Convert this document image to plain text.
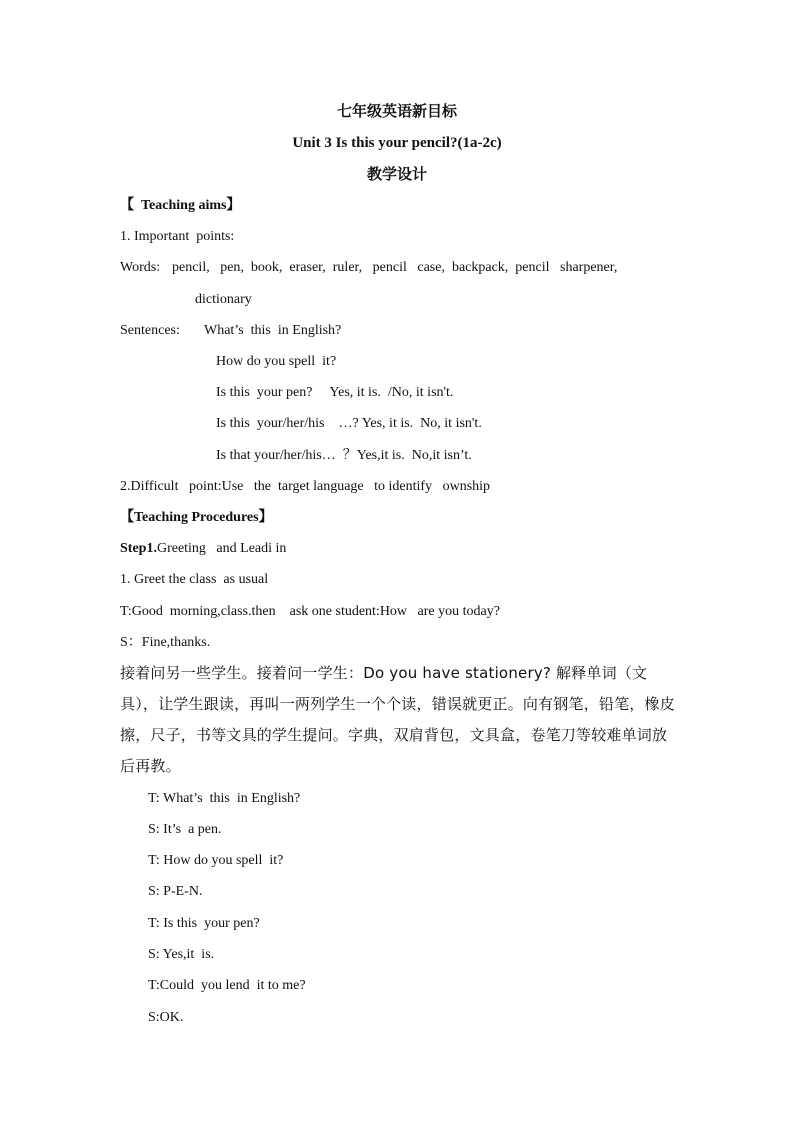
七年级英语新目标
Unit 3 Is this your pencil?(1a-2c)
教学设计
【  Teaching aims】
1. Important  points:
Words: pencil,   pen,  book,  eraser,  ruler,   pencil   case,  backpack,  pencil   sharpener,
dictionary
Sentences: What’s  this  in English?
How do you spell  it?
Is this  your pen?     Yes, it is.  /No, it isn't.
Is this  your/her/his    …? Yes, it is.  No, it isn't.
Is that your/her/his…  ？Yes,it is.  No,it isn’t.
2.Difficult   point:Use   the  target language   to identify   ownship
【Teaching Procedures】
Step1.Greeting   and Leadi in
1. Greet the class  as usual
T:Good  morning,class.then    ask one student:How   are you today?
S：Fine,thanks.
接着问另一些学生。接着问一学生：Do you have stationery? 解释单词（文具），让学生跟读，再叫一两列学生一个个读，错误就更正。向有钢笔，铅笔，橡皮擦，尺子，书等文具的学生提问。字典，双肩背包，文具盒，卷笔刀等较难单词放后再教。
T: What’s  this  in English?
S: It’s  a pen.
T: How do you spell  it?
S: P-E-N.
T: Is this  your pen?
S: Yes,it  is.
T:Could  you lend  it to me?
S:OK.
